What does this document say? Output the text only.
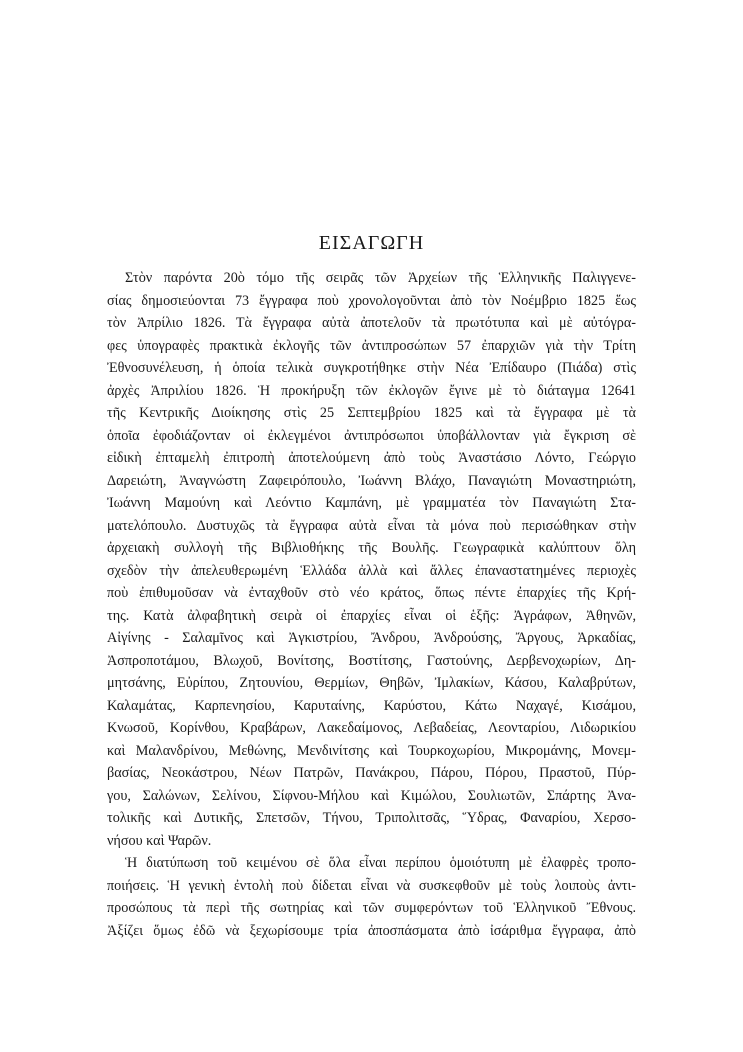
ΕΙΣΑΓΩΓΗ
Στὸν παρόντα 20ὸ τόμο τῆς σειρᾶς τῶν Ἀρχείων τῆς Ἑλληνικῆς Παλιγγενε-
σίας δημοσιεύονται 73 ἔγγραφα ποὺ χρονολογοῦνται ἀπὸ τὸν Νοέμβριο 1825 ἕως
τὸν Ἀπρίλιο 1826. Τὰ ἔγγραφα αὐτὰ ἀποτελοῦν τὰ πρωτότυπα καὶ μὲ αὐτόγρα-
φες ὑπογραφὲς πρακτικὰ ἐκλογῆς τῶν ἀντιπροσώπων 57 ἐπαρχιῶν γιὰ τὴν Τρίτη
Ἐθνοσυνέλευση, ἡ ὁποία τελικὰ συγκροτήθηκε στὴν Νέα Ἐπίδαυρο (Πιάδα) στὶς
ἀρχὲς Ἀπριλίου 1826. Ἡ προκήρυξη τῶν ἐκλογῶν ἔγινε μὲ τὸ διάταγμα 12641
τῆς Κεντρικῆς Διοίκησης στὶς 25 Σεπτεμβρίου 1825 καὶ τὰ ἔγγραφα μὲ τὰ
ὁποῖα ἐφοδιάζονταν οἱ ἐκλεγμένοι ἀντιπρόσωποι ὑποβάλλονταν γιὰ ἔγκριση σὲ
εἰδικὴ ἐπταμελὴ ἐπιτροπὴ ἀποτελούμενη ἀπὸ τοὺς Ἀναστάσιο Λόντο, Γεώργιο
Δαρειώτη, Ἀναγνώστη Ζαφειρόπουλο, Ἰωάννη Βλάχο, Παναγιώτη Μοναστηριώτη,
Ἰωάννη Μαμούνη καὶ Λεόντιο Καμπάνη, μὲ γραμματέα τὸν Παναγιώτη Στα-
ματελόπουλο. Δυστυχῶς τὰ ἔγγραφα αὐτὰ εἶναι τὰ μόνα ποὺ περισώθηκαν στὴν
ἀρχειακὴ συλλογὴ τῆς Βιβλιοθήκης τῆς Βουλῆς. Γεωγραφικὰ καλύπτουν ὅλη
σχεδὸν τὴν ἀπελευθερωμένη Ἑλλάδα ἀλλὰ καὶ ἄλλες ἐπαναστατημένες περιοχὲς
ποὺ ἐπιθυμοῦσαν νὰ ἐνταχθοῦν στὸ νέο κράτος, ὅπως πέντε ἐπαρχίες τῆς Κρή-
της. Κατὰ ἀλφαβητικὴ σειρὰ οἱ ἐπαρχίες εἶναι οἱ ἑξῆς: Ἀγράφων, Ἀθηνῶν,
Αἰγίνης - Σαλαμῖνος καὶ Ἀγκιστρίου, Ἄνδρου, Ἀνδρούσης, Ἄργους, Ἀρκαδίας,
Ἀσπροποτάμου, Βλωχοῦ, Βονίτσης, Βοστίτσης, Γαστούνης, Δερβενοχωρίων, Δη-
μητσάνης, Εὐρίπου, Ζητουνίου, Θερμίων, Θηβῶν, Ἰμλακίων, Κάσου, Καλαβρύτων,
Καλαμάτας, Καρπενησίου, Καρυταίνης, Καρύστου, Κάτω Ναχαγέ, Κισάμου,
Κνωσοῦ, Κορίνθου, Κραβάρων, Λακεδαίμονος, Λεβαδείας, Λεονταρίου, Λιδωρικίου
καὶ Μαλανδρίνου, Μεθώνης, Μενδινίτσης καὶ Τουρκοχωρίου, Μικρομάνης, Μονεμ-
βασίας, Νεοκάστρου, Νέων Πατρῶν, Πανάκρου, Πάρου, Πόρου, Πραστοῦ, Πύρ-
γου, Σαλώνων, Σελίνου, Σίφνου-Μήλου καὶ Κιμώλου, Σουλιωτῶν, Σπάρτης Ἀνα-
τολικῆς καὶ Δυτικῆς, Σπετσῶν, Τήνου, Τριπολιτσᾶς, Ὕδρας, Φαναρίου, Χερσο-
νήσου καὶ Ψαρῶν.
Ἡ διατύπωση τοῦ κειμένου σὲ ὅλα εἶναι περίπου ὁμοιότυπη μὲ ἐλαφρὲς τροπο-
ποιήσεις. Ἡ γενικὴ ἐντολὴ ποὺ δίδεται εἶναι νὰ συσκεφθοῦν μὲ τοὺς λοιποὺς ἀντι-
προσώπους τὰ περὶ τῆς σωτηρίας καὶ τῶν συμφερόντων τοῦ Ἑλληνικοῦ Ἔθνους.
Ἀξίζει ὅμως ἐδῶ νὰ ξεχωρίσουμε τρία ἀποσπάσματα ἀπὸ ἰσάριθμα ἔγγραφα, ἀπὸ
